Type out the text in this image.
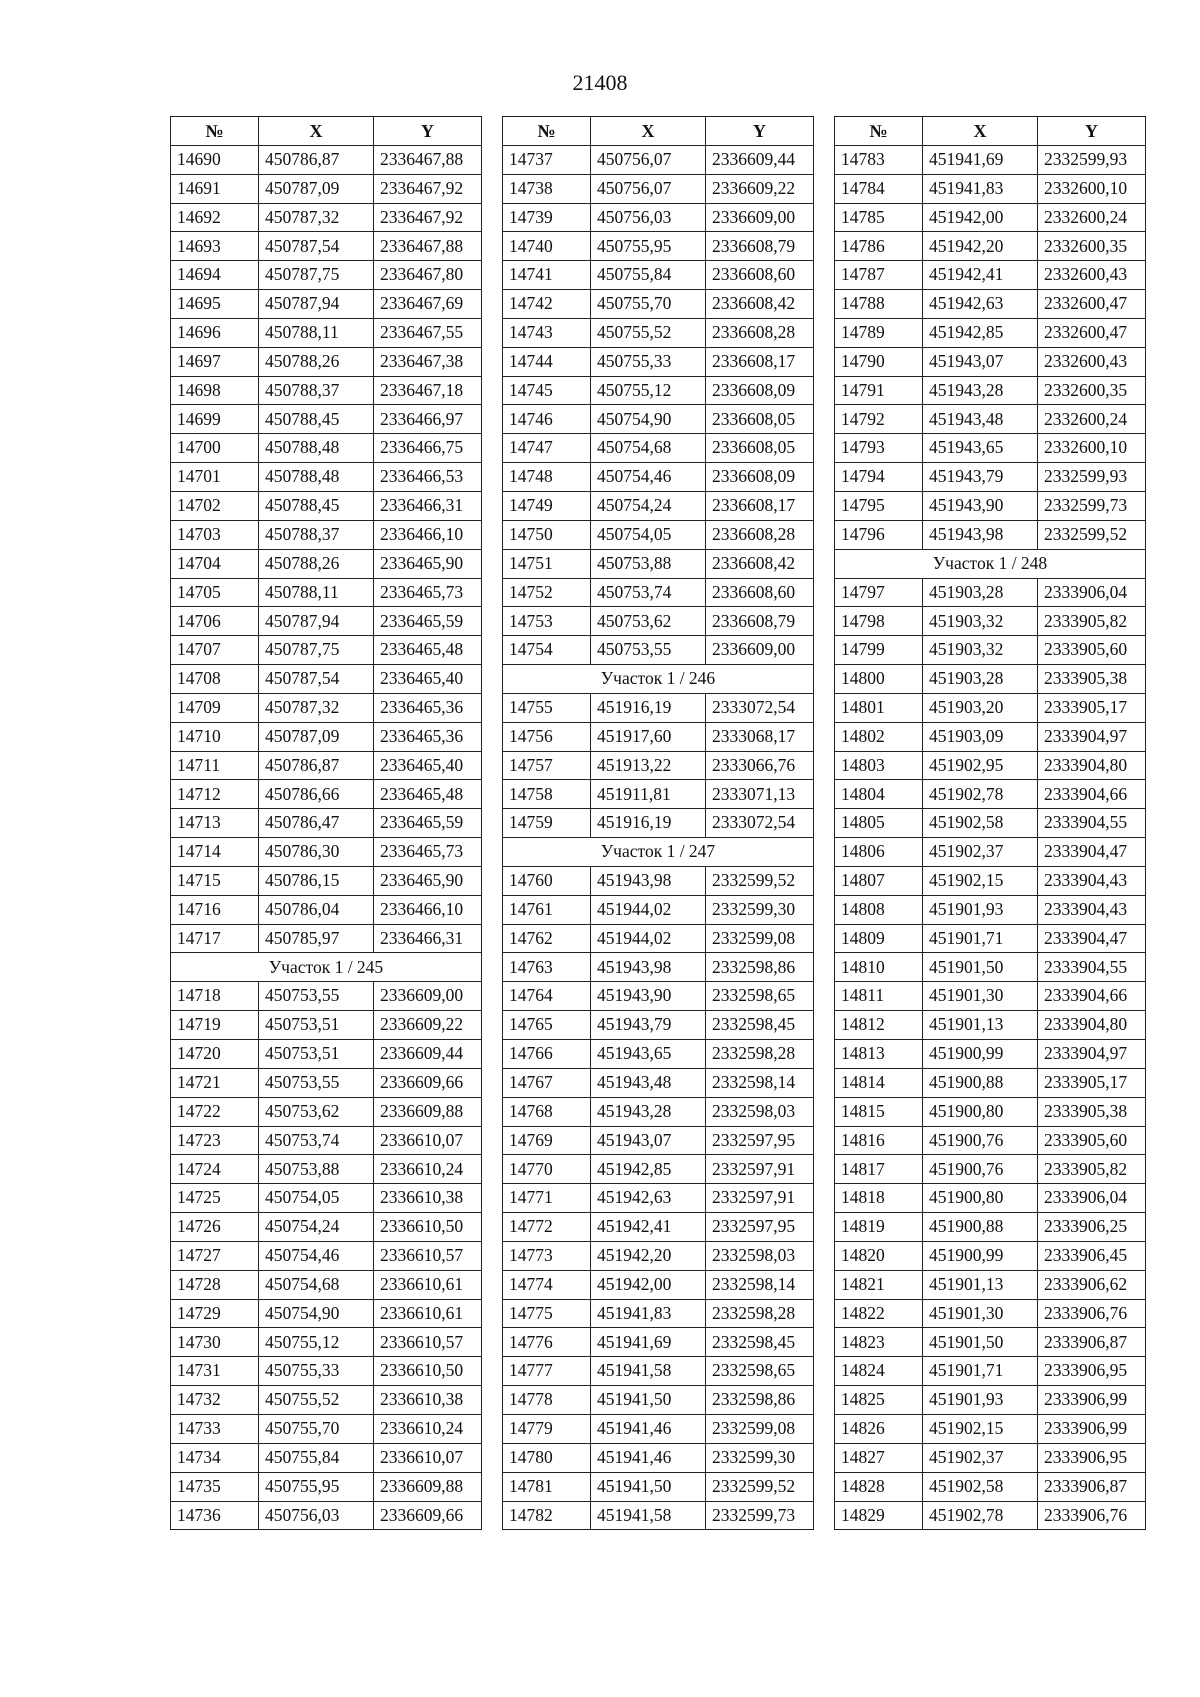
21408
№	X	Y
14690	450786,87	2336467,88
14691	450787,09	2336467,92
14692	450787,32	2336467,92
14693	450787,54	2336467,88
14694	450787,75	2336467,80
14695	450787,94	2336467,69
14696	450788,11	2336467,55
14697	450788,26	2336467,38
14698	450788,37	2336467,18
14699	450788,45	2336466,97
14700	450788,48	2336466,75
14701	450788,48	2336466,53
14702	450788,45	2336466,31
14703	450788,37	2336466,10
14704	450788,26	2336465,90
14705	450788,11	2336465,73
14706	450787,94	2336465,59
14707	450787,75	2336465,48
14708	450787,54	2336465,40
14709	450787,32	2336465,36
14710	450787,09	2336465,36
14711	450786,87	2336465,40
14712	450786,66	2336465,48
14713	450786,47	2336465,59
14714	450786,30	2336465,73
14715	450786,15	2336465,90
14716	450786,04	2336466,10
14717	450785,97	2336466,31
Участок 1 / 245		
14718	450753,55	2336609,00
14719	450753,51	2336609,22
14720	450753,51	2336609,44
14721	450753,55	2336609,66
14722	450753,62	2336609,88
14723	450753,74	2336610,07
14724	450753,88	2336610,24
14725	450754,05	2336610,38
14726	450754,24	2336610,50
14727	450754,46	2336610,57
14728	450754,68	2336610,61
14729	450754,90	2336610,61
14730	450755,12	2336610,57
14731	450755,33	2336610,50
14732	450755,52	2336610,38
14733	450755,70	2336610,24
14734	450755,84	2336610,07
14735	450755,95	2336609,88
14736	450756,03	2336609,66
№	X	Y
14737	450756,07	2336609,44
14738	450756,07	2336609,22
14739	450756,03	2336609,00
14740	450755,95	2336608,79
14741	450755,84	2336608,60
14742	450755,70	2336608,42
14743	450755,52	2336608,28
14744	450755,33	2336608,17
14745	450755,12	2336608,09
14746	450754,90	2336608,05
14747	450754,68	2336608,05
14748	450754,46	2336608,09
14749	450754,24	2336608,17
14750	450754,05	2336608,28
14751	450753,88	2336608,42
14752	450753,74	2336608,60
14753	450753,62	2336608,79
14754	450753,55	2336609,00
Участок 1 / 246		
14755	451916,19	2333072,54
14756	451917,60	2333068,17
14757	451913,22	2333066,76
14758	451911,81	2333071,13
14759	451916,19	2333072,54
Участок 1 / 247		
14760	451943,98	2332599,52
14761	451944,02	2332599,30
14762	451944,02	2332599,08
14763	451943,98	2332598,86
14764	451943,90	2332598,65
14765	451943,79	2332598,45
14766	451943,65	2332598,28
14767	451943,48	2332598,14
14768	451943,28	2332598,03
14769	451943,07	2332597,95
14770	451942,85	2332597,91
14771	451942,63	2332597,91
14772	451942,41	2332597,95
14773	451942,20	2332598,03
14774	451942,00	2332598,14
14775	451941,83	2332598,28
14776	451941,69	2332598,45
14777	451941,58	2332598,65
14778	451941,50	2332598,86
14779	451941,46	2332599,08
14780	451941,46	2332599,30
14781	451941,50	2332599,52
14782	451941,58	2332599,73
№	X	Y
14783	451941,69	2332599,93
14784	451941,83	2332600,10
14785	451942,00	2332600,24
14786	451942,20	2332600,35
14787	451942,41	2332600,43
14788	451942,63	2332600,47
14789	451942,85	2332600,47
14790	451943,07	2332600,43
14791	451943,28	2332600,35
14792	451943,48	2332600,24
14793	451943,65	2332600,10
14794	451943,79	2332599,93
14795	451943,90	2332599,73
14796	451943,98	2332599,52
Участок 1 / 248		
14797	451903,28	2333906,04
14798	451903,32	2333905,82
14799	451903,32	2333905,60
14800	451903,28	2333905,38
14801	451903,20	2333905,17
14802	451903,09	2333904,97
14803	451902,95	2333904,80
14804	451902,78	2333904,66
14805	451902,58	2333904,55
14806	451902,37	2333904,47
14807	451902,15	2333904,43
14808	451901,93	2333904,43
14809	451901,71	2333904,47
14810	451901,50	2333904,55
14811	451901,30	2333904,66
14812	451901,13	2333904,80
14813	451900,99	2333904,97
14814	451900,88	2333905,17
14815	451900,80	2333905,38
14816	451900,76	2333905,60
14817	451900,76	2333905,82
14818	451900,80	2333906,04
14819	451900,88	2333906,25
14820	451900,99	2333906,45
14821	451901,13	2333906,62
14822	451901,30	2333906,76
14823	451901,50	2333906,87
14824	451901,71	2333906,95
14825	451901,93	2333906,99
14826	451902,15	2333906,99
14827	451902,37	2333906,95
14828	451902,58	2333906,87
14829	451902,78	2333906,76
